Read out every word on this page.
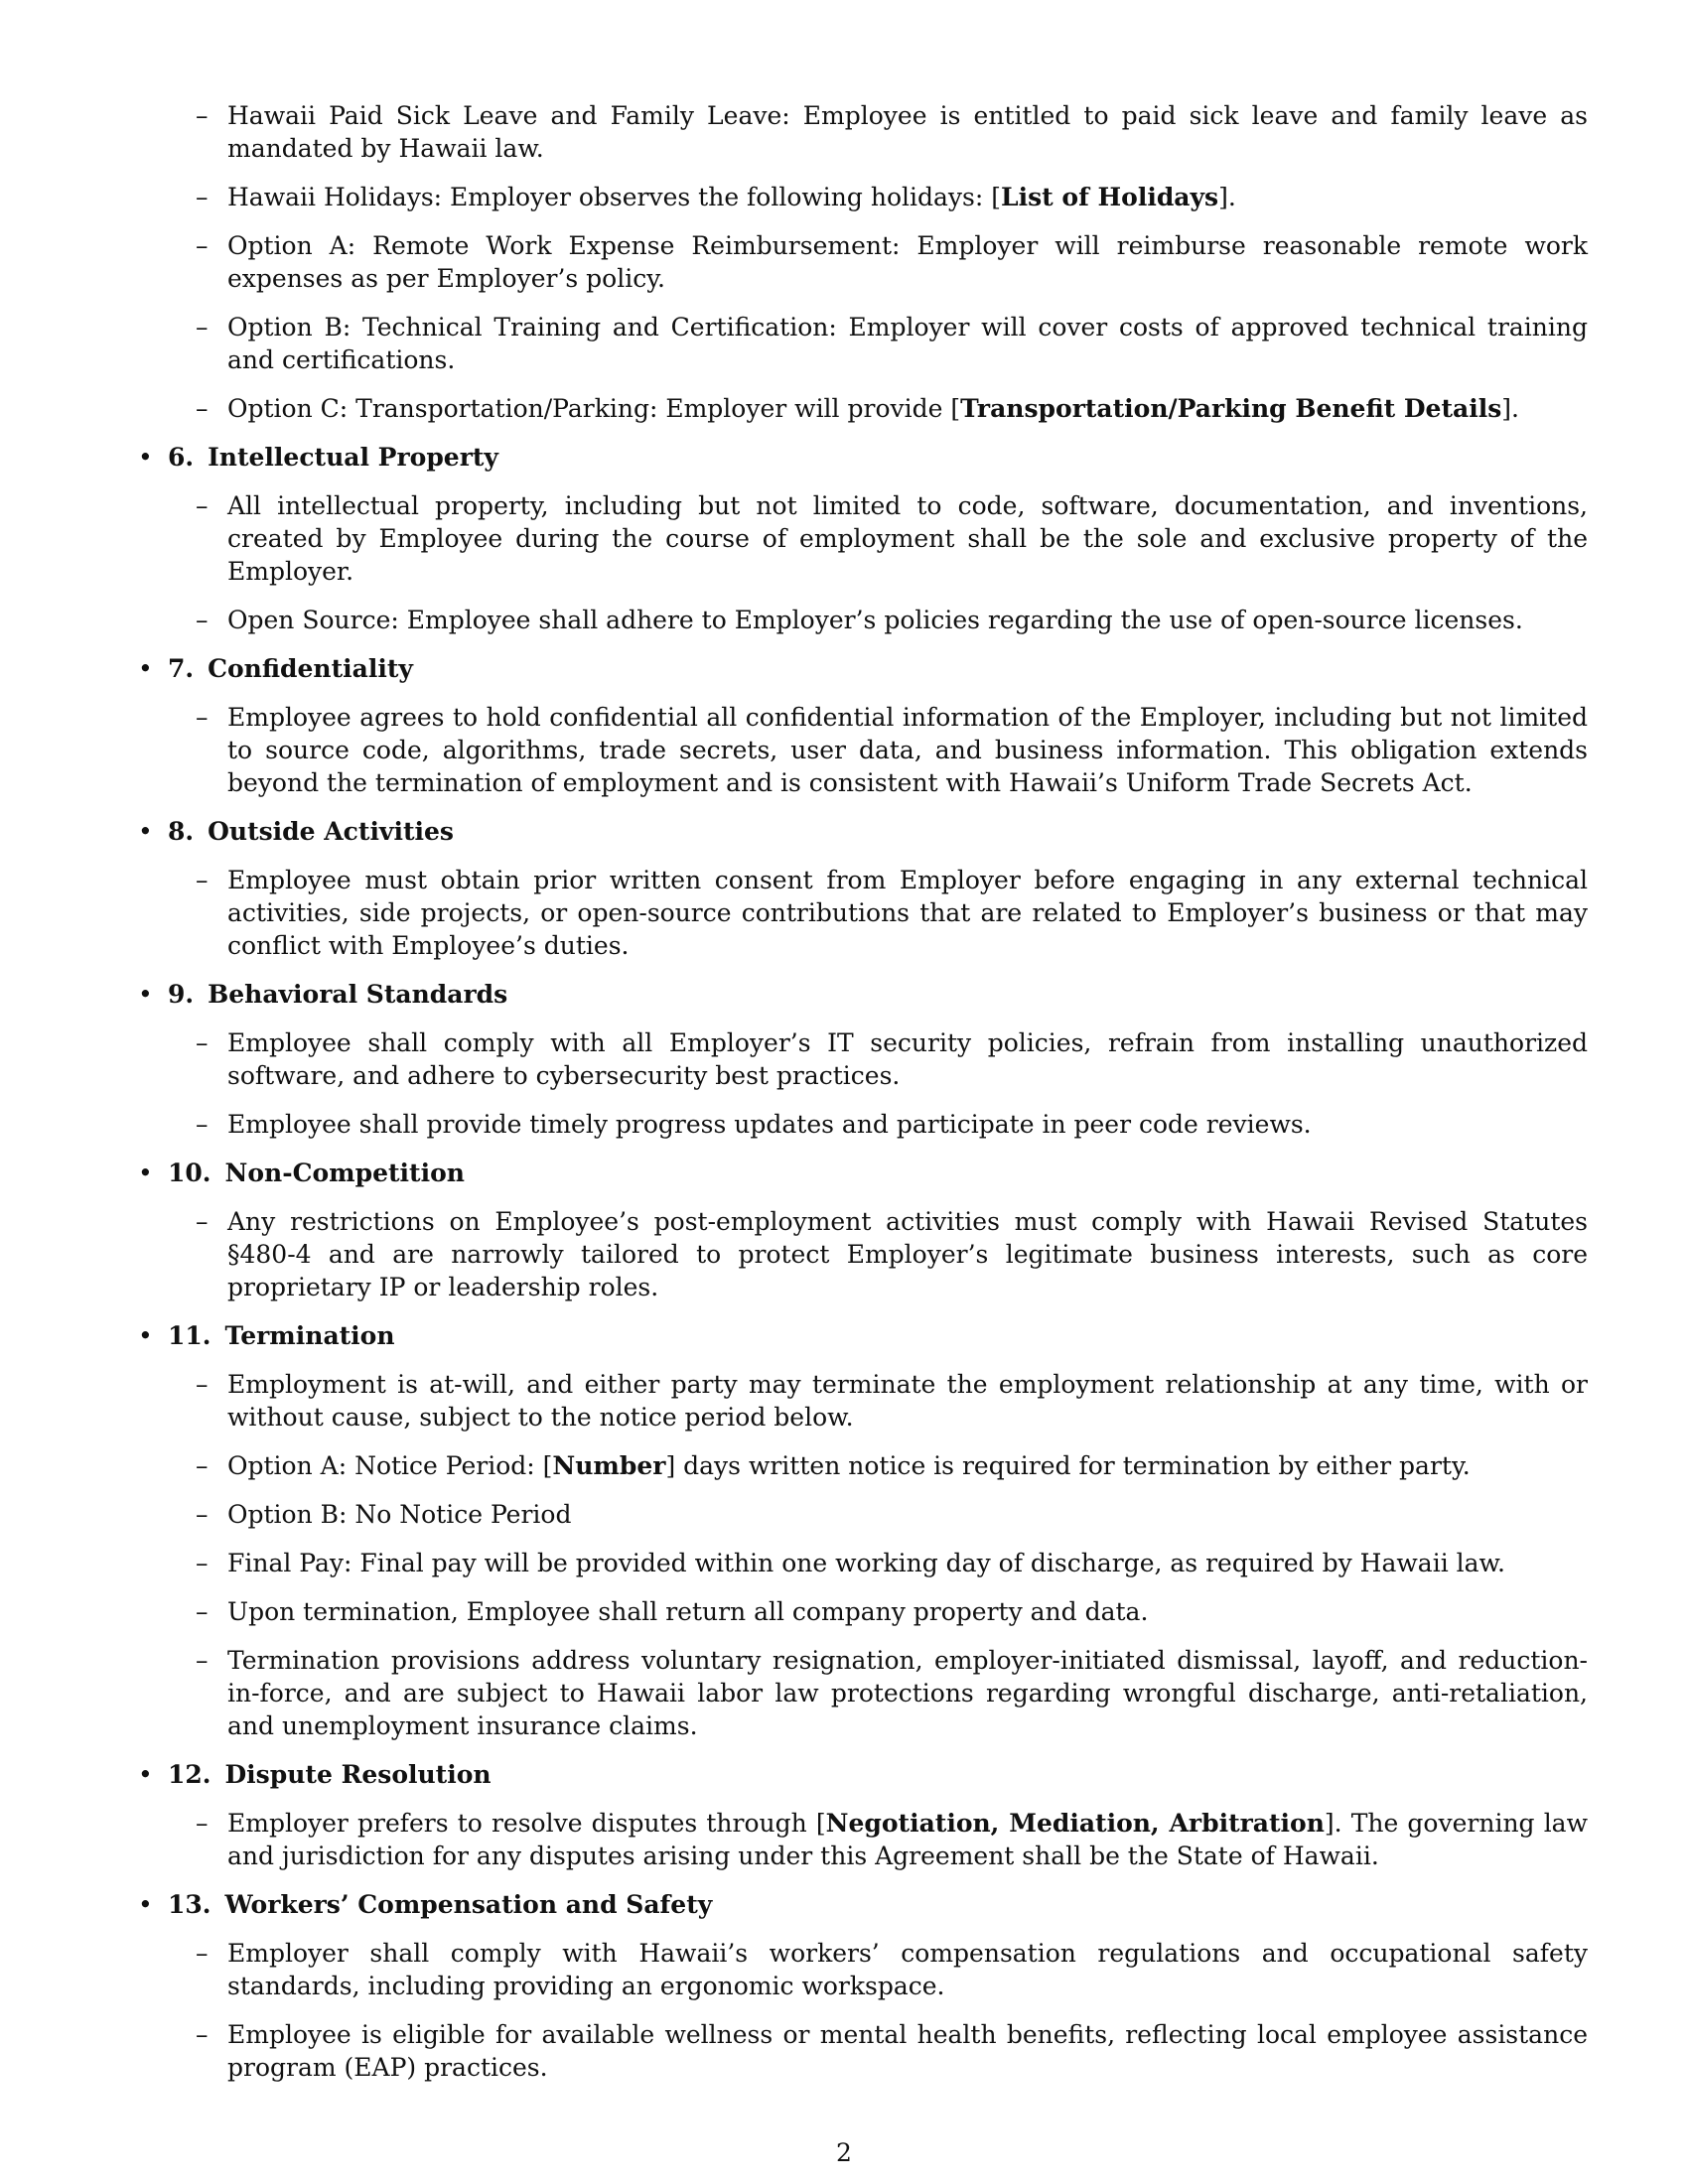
– Hawaii Paid Sick Leave and Family Leave: Employee is entitled to paid sick leave and family leave as mandated by Hawaii law.
– Hawaii Holidays: Employer observes the following holidays: [List of Holidays].
– Option A: Remote Work Expense Reimbursement: Employer will reimburse reasonable remote work expenses as per Employer’s policy.
– Option B: Technical Training and Certification: Employer will cover costs of approved technical training and certifications.
– Option C: Transportation/Parking: Employer will provide [Transportation/Parking Benefit Details].
• 6. Intellectual Property
– All intellectual property, including but not limited to code, software, documentation, and inventions, created by Employee during the course of employment shall be the sole and exclusive property of the Employer.
– Open Source: Employee shall adhere to Employer’s policies regarding the use of open-source licenses.
• 7. Confidentiality
– Employee agrees to hold confidential all confidential information of the Employer, including but not limited to source code, algorithms, trade secrets, user data, and business information. This obligation extends beyond the termination of employment and is consistent with Hawaii’s Uniform Trade Secrets Act.
• 8. Outside Activities
– Employee must obtain prior written consent from Employer before engaging in any external technical activities, side projects, or open-source contributions that are related to Employer’s business or that may conflict with Employee’s duties.
• 9. Behavioral Standards
– Employee shall comply with all Employer’s IT security policies, refrain from installing unauthorized software, and adhere to cybersecurity best practices.
– Employee shall provide timely progress updates and participate in peer code reviews.
• 10. Non-Competition
– Any restrictions on Employee’s post-employment activities must comply with Hawaii Revised Statutes §480-4 and are narrowly tailored to protect Employer’s legitimate business interests, such as core proprietary IP or leadership roles.
• 11. Termination
– Employment is at-will, and either party may terminate the employment relationship at any time, with or without cause, subject to the notice period below.
– Option A: Notice Period: [Number] days written notice is required for termination by either party.
– Option B: No Notice Period
– Final Pay: Final pay will be provided within one working day of discharge, as required by Hawaii law.
– Upon termination, Employee shall return all company property and data.
– Termination provisions address voluntary resignation, employer-initiated dismissal, layoff, and reduction-in-force, and are subject to Hawaii labor law protections regarding wrongful discharge, anti-retaliation, and unemployment insurance claims.
• 12. Dispute Resolution
– Employer prefers to resolve disputes through [Negotiation, Mediation, Arbitration]. The governing law and jurisdiction for any disputes arising under this Agreement shall be the State of Hawaii.
• 13. Workers’ Compensation and Safety
– Employer shall comply with Hawaii’s workers’ compensation regulations and occupational safety standards, including providing an ergonomic workspace.
– Employee is eligible for available wellness or mental health benefits, reflecting local employee assistance program (EAP) practices.
2
